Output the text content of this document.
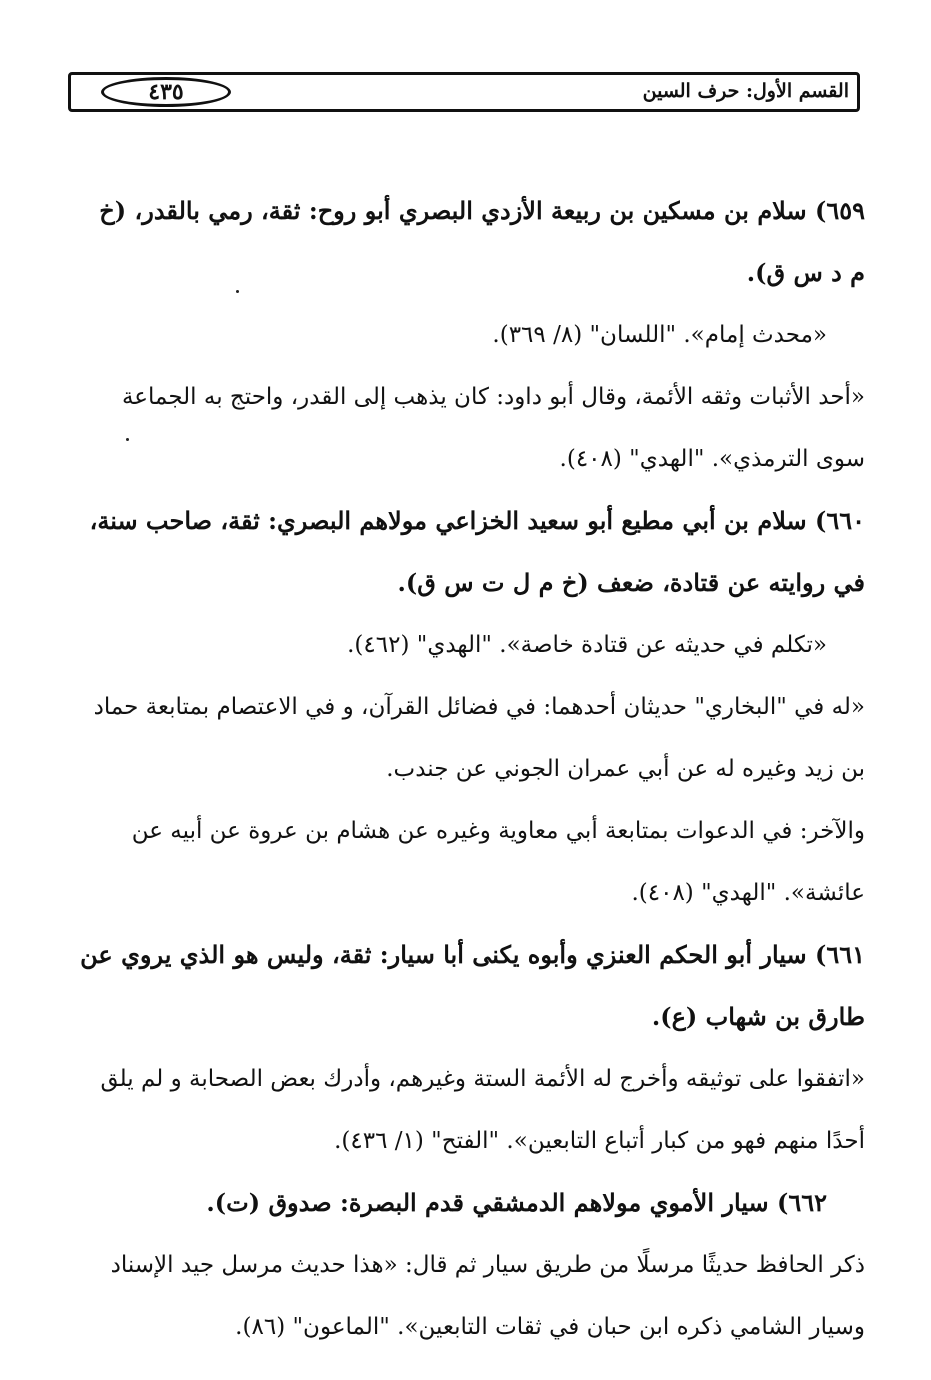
٤٣٥	القسم الأول: حرف السين

٦٥٩) سلام بن مسكين بن ربيعة الأزدي البصري أبو روح: ثقة، رمي بالقدر، (خ

م د س ق).

«محدث إمام». "اللسان" (٨/ ٣٦٩).

«أحد الأثبات وثقه الأئمة، وقال أبو داود: كان يذهب إلى القدر، واحتج به الجماعة

سوى الترمذي». "الهدي" (٤٠٨).

٦٦٠) سلام بن أبي مطيع أبو سعيد الخزاعي مولاهم البصري: ثقة، صاحب سنة،

في روايته عن قتادة، ضعف (خ م ل ت س ق).

«تكلم في حديثه عن قتادة خاصة». "الهدي" (٤٦٢).

«له في "البخاري" حديثان أحدهما: في فضائل القرآن، و في الاعتصام بمتابعة حماد

بن زيد وغيره له عن أبي عمران الجوني عن جندب.

والآخر: في الدعوات بمتابعة أبي معاوية وغيره عن هشام بن عروة عن أبيه عن

عائشة». "الهدي" (٤٠٨).

٦٦١) سيار أبو الحكم العنزي وأبوه يكنى أبا سيار: ثقة، وليس هو الذي يروي عن

طارق بن شهاب (ع).

«اتفقوا على توثيقه وأخرج له الأئمة الستة وغيرهم، وأدرك بعض الصحابة و لم يلق

أحدًا منهم فهو من كبار أتباع التابعين». "الفتح" (١/ ٤٣٦).

٦٦٢) سيار الأموي مولاهم الدمشقي قدم البصرة: صدوق (ت).

ذكر الحافظ حديثًا مرسلًا من طريق سيار ثم قال: «هذا حديث مرسل جيد الإسناد

وسيار الشامي ذكره ابن حبان في ثقات التابعين». "الماعون" (٨٦).
